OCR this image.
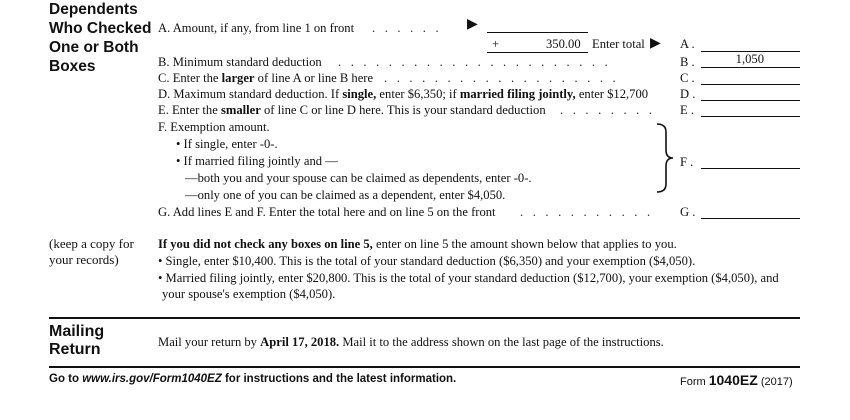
Dependents
Who Checked
One or Both
Boxes
A. Amount, if any, from line 1 on front . . . . . . ▶
+	350.00 Enter total ▶ A .
B. Minimum standard deduction . . . . . . . . . . . . . . . . . . . . . .	B .	1,050
C. Enter the larger of line A or line B here . . . . . . . . . . . . . . . . . . .	C .
D. Maximum standard deduction. If single, enter $6,350; if married filing jointly, enter $12,700	D .
E. Enter the smaller of line C or line D here. This is your standard deduction . . . . . . . . E .
F. Exemption amount.
• If single, enter -0-.
• If married filing jointly and —
—both you and your spouse can be claimed as dependents, enter -0-.
—only one of you can be claimed as a dependent, enter $4,050.
F .
G. Add lines E and F. Enter the total here and on line 5 on the front . . . . . . . . . . . G .
(keep a copy for
your records)
If you did not check any boxes on line 5, enter on line 5 the amount shown below that applies to you.
• Single, enter $10,400. This is the total of your standard deduction ($6,350) and your exemption ($4,050).
• Married filing jointly, enter $20,800. This is the total of your standard deduction ($12,700), your exemption ($4,050), and
your spouse's exemption ($4,050).
Mailing
Return	Mail your return by April 17, 2018. Mail it to the address shown on the last page of the instructions.
Go to www.irs.gov/Form1040EZ for instructions and the latest information.	Form 1040EZ (2017)
